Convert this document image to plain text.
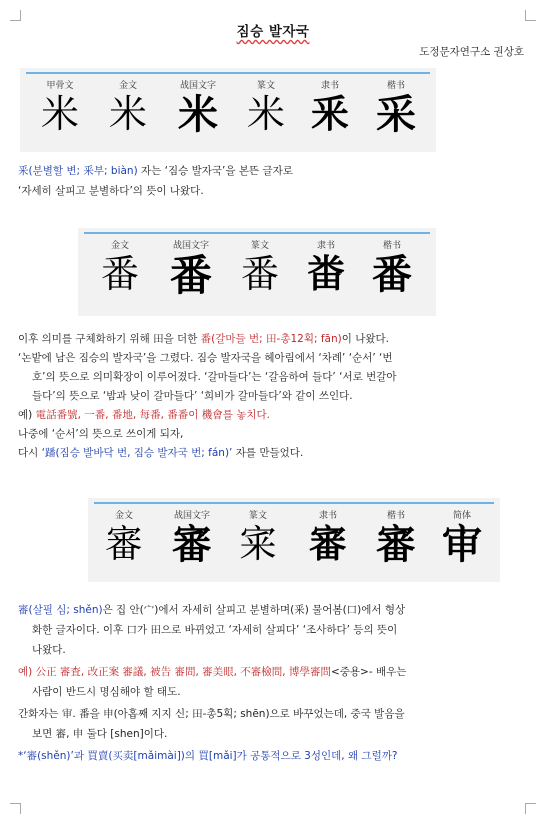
짐승 발자국
도정문자연구소 권상호
甲骨文
米
金文
米
战国文字
米
篆文
米
隶书
釆
楷书
采
釆(분별할 변; 釆부; biàn) 자는 ‘짐승 발자국’을 본뜬 글자로
‘자세히 살피고 분별하다’의 뜻이 나왔다.
金文
番
战国文字
番
篆文
番
隶书
畨
楷书
番
이후 의미를 구체화하기 위해 田을 더한 番(갈마들 번; 田-총12획; fān)이 나왔다.
‘논밭에 남은 짐승의 발자국’을 그렸다. 짐승 발자국을 헤아림에서 ‘차례’ ‘순서’ ‘번
호’의 뜻으로 의미확장이 이루어졌다. ‘갈마들다’는 ‘갈음하여 들다’ ‘서로 번갈아
들다’의 뜻으로 ‘밤과 낮이 갈마들다’ ‘희비가 갈마들다’와 같이 쓰인다.
예) 電話番號, 一番, 番地, 每番, 番番이 機會를 놓치다.
나중에 ‘순서’의 뜻으로 쓰이게 되자,
다시 ‘蹯(짐승 발바닥 번, 짐승 발자국 번; fán)’ 자를 만들었다.
金文
審
战国文字
審
篆文
宷
隶书
審
楷书
審
简体
审
審(살필 심; shěn)은 집 안(宀)에서 자세히 살피고 분별하며(釆) 물어봄(口)에서 형상
화한 글자이다. 이후 口가 田으로 바뀌었고 ‘자세히 살피다’ ‘조사하다’ 등의 뜻이
나왔다.
예) 公正 審査, 改正案 審議, 被告 審問, 審美眼, 不審檢問, 博學審問<중용>- 배우는
사람이 반드시 명심해야 할 태도.
간화자는 审. 番을 申(아홉째 지지 신; 田-총5획; shēn)으로 바꾸었는데, 중국 발음을
보면 審, 申 둘다 [shen]이다.
*‘審(shěn)’과 買賣(买卖[mǎimài])의 買[mǎi]가 공통적으로 3성인데, 왜 그럴까?
